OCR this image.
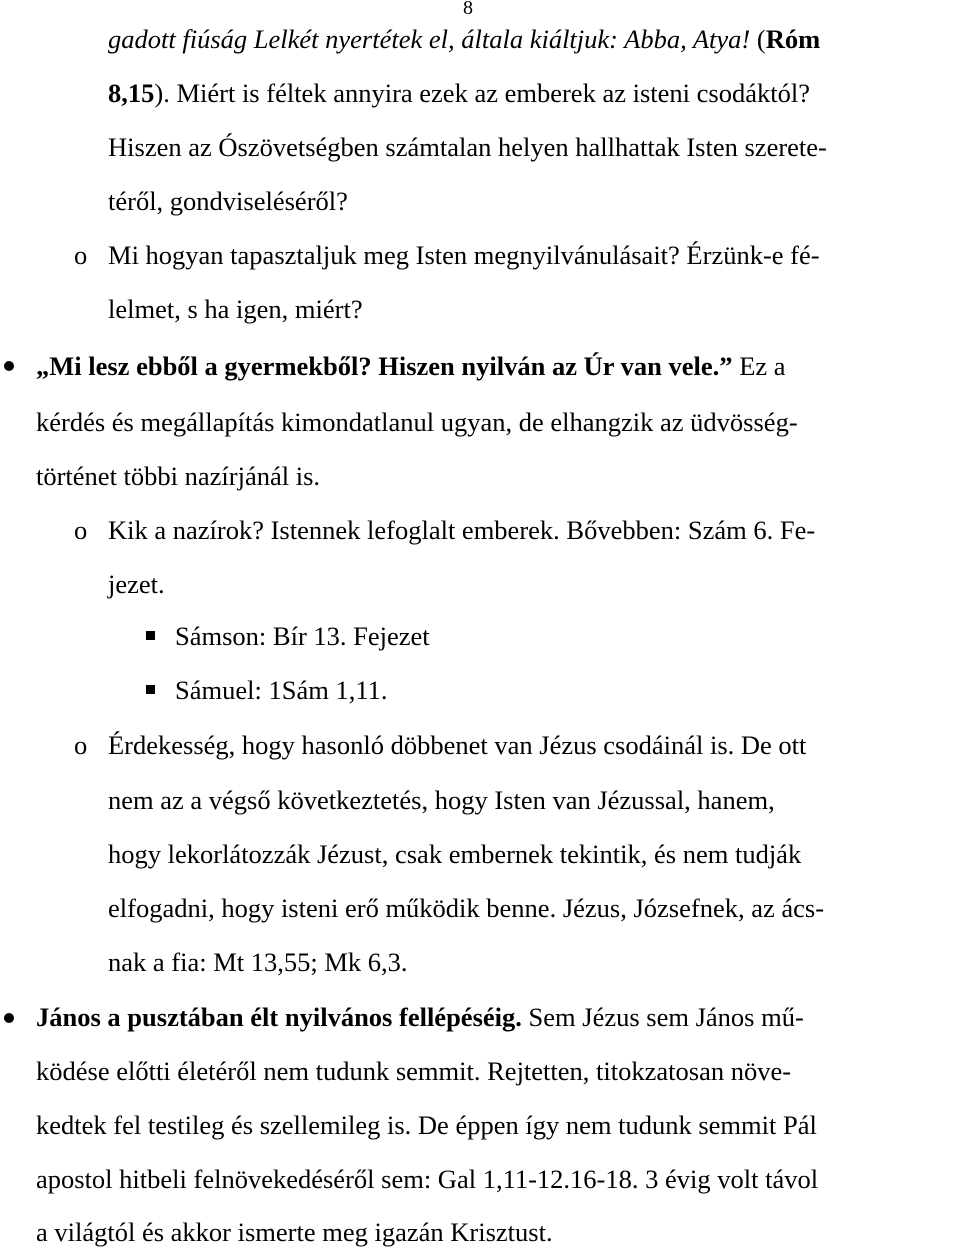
8
gadott fiúság Lelkét nyertétek el, általa kiáltjuk: Abba, Atya! (Róm
8,15). Miért is féltek annyira ezek az emberek az isteni csodáktól?
Hiszen az Ószövetségben számtalan helyen hallhattak Isten szerete-
téről, gondviseléséről?
o Mi hogyan tapasztaljuk meg Isten megnyilvánulásait? Érzünk-e fé-
lelmet, s ha igen, miért?
„Mi lesz ebből a gyermekből? Hiszen nyilván az Úr van vele.” Ez a
kérdés és megállapítás kimondatlanul ugyan, de elhangzik az üdvösség-
történet többi nazírjánál is.
o Kik a nazírok? Istennek lefoglalt emberek. Bővebben: Szám 6. Fe-
jezet.
Sámson: Bír 13. Fejezet
Sámuel: 1Sám 1,11.
o Érdekesség, hogy hasonló döbbenet van Jézus csodáinál is. De ott
nem az a végső következtetés, hogy Isten van Jézussal, hanem,
hogy lekorlátozzák Jézust, csak embernek tekintik, és nem tudják
elfogadni, hogy isteni erő működik benne. Jézus, Józsefnek, az ács-
nak a fia: Mt 13,55; Mk 6,3.
János a pusztában élt nyilvános fellépéséig. Sem Jézus sem János mű-
ködése előtti életéről nem tudunk semmit. Rejtetten, titokzatosan növe-
kedtek fel testileg és szellemileg is. De éppen így nem tudunk semmit Pál
apostol hitbeli felnövekedéséről sem: Gal 1,11-12.16-18. 3 évig volt távol
a világtól és akkor ismerte meg igazán Krisztust.
